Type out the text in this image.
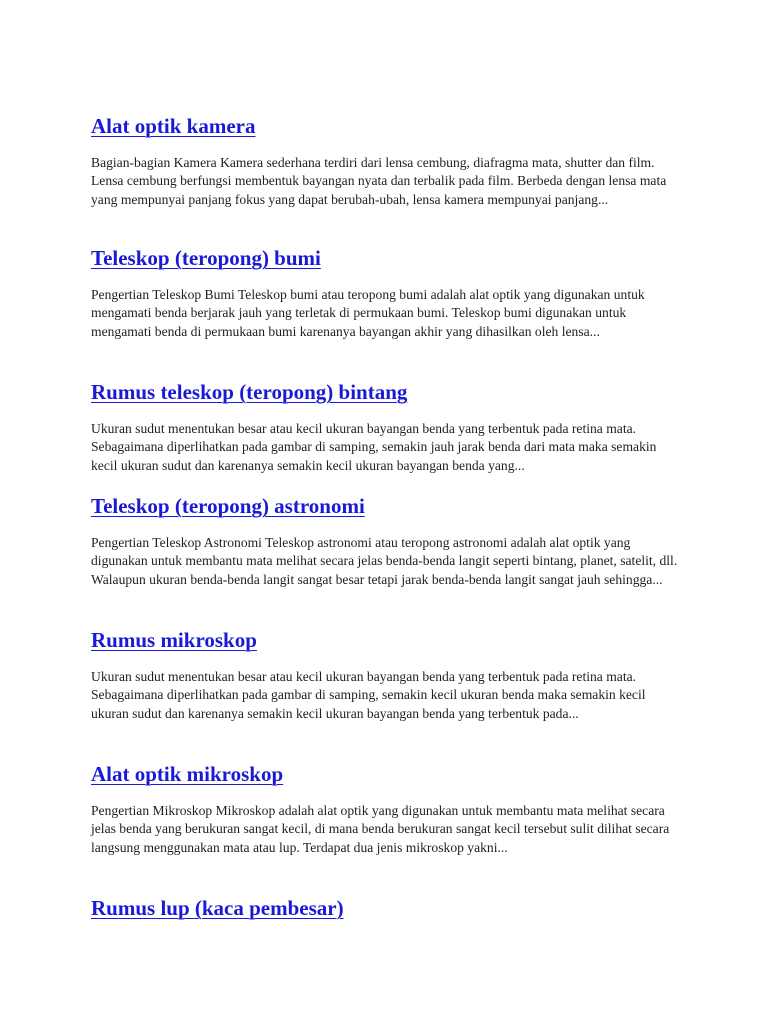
Alat optik kamera

Bagian-bagian Kamera Kamera sederhana terdiri dari lensa cembung, diafragma mata, shutter dan film. Lensa cembung berfungsi membentuk bayangan nyata dan terbalik pada film. Berbeda dengan lensa mata yang mempunyai panjang fokus yang dapat berubah-ubah, lensa kamera mempunyai panjang...

Teleskop (teropong) bumi

Pengertian Teleskop Bumi Teleskop bumi atau teropong bumi adalah alat optik yang digunakan untuk mengamati benda berjarak jauh yang terletak di permukaan bumi. Teleskop bumi digunakan untuk mengamati benda di permukaan bumi karenanya bayangan akhir yang dihasilkan oleh lensa...

Rumus teleskop (teropong) bintang

Ukuran sudut menentukan besar atau kecil ukuran bayangan benda yang terbentuk pada retina mata. Sebagaimana diperlihatkan pada gambar di samping, semakin jauh jarak benda dari mata maka semakin kecil ukuran sudut dan karenanya semakin kecil ukuran bayangan benda yang...

Teleskop (teropong) astronomi

Pengertian Teleskop Astronomi Teleskop astronomi atau teropong astronomi adalah alat optik yang digunakan untuk membantu mata melihat secara jelas benda-benda langit seperti bintang, planet, satelit, dll. Walaupun ukuran benda-benda langit sangat besar tetapi jarak benda-benda langit sangat jauh sehingga...

Rumus mikroskop

Ukuran sudut menentukan besar atau kecil ukuran bayangan benda yang terbentuk pada retina mata. Sebagaimana diperlihatkan pada gambar di samping, semakin kecil ukuran benda maka semakin kecil ukuran sudut dan karenanya semakin kecil ukuran bayangan benda yang terbentuk pada...

Alat optik mikroskop

Pengertian Mikroskop Mikroskop adalah alat optik yang digunakan untuk membantu mata melihat secara jelas benda yang berukuran sangat kecil, di mana benda berukuran sangat kecil tersebut sulit dilihat secara langsung menggunakan mata atau lup. Terdapat dua jenis mikroskop yakni...

Rumus lup (kaca pembesar)
